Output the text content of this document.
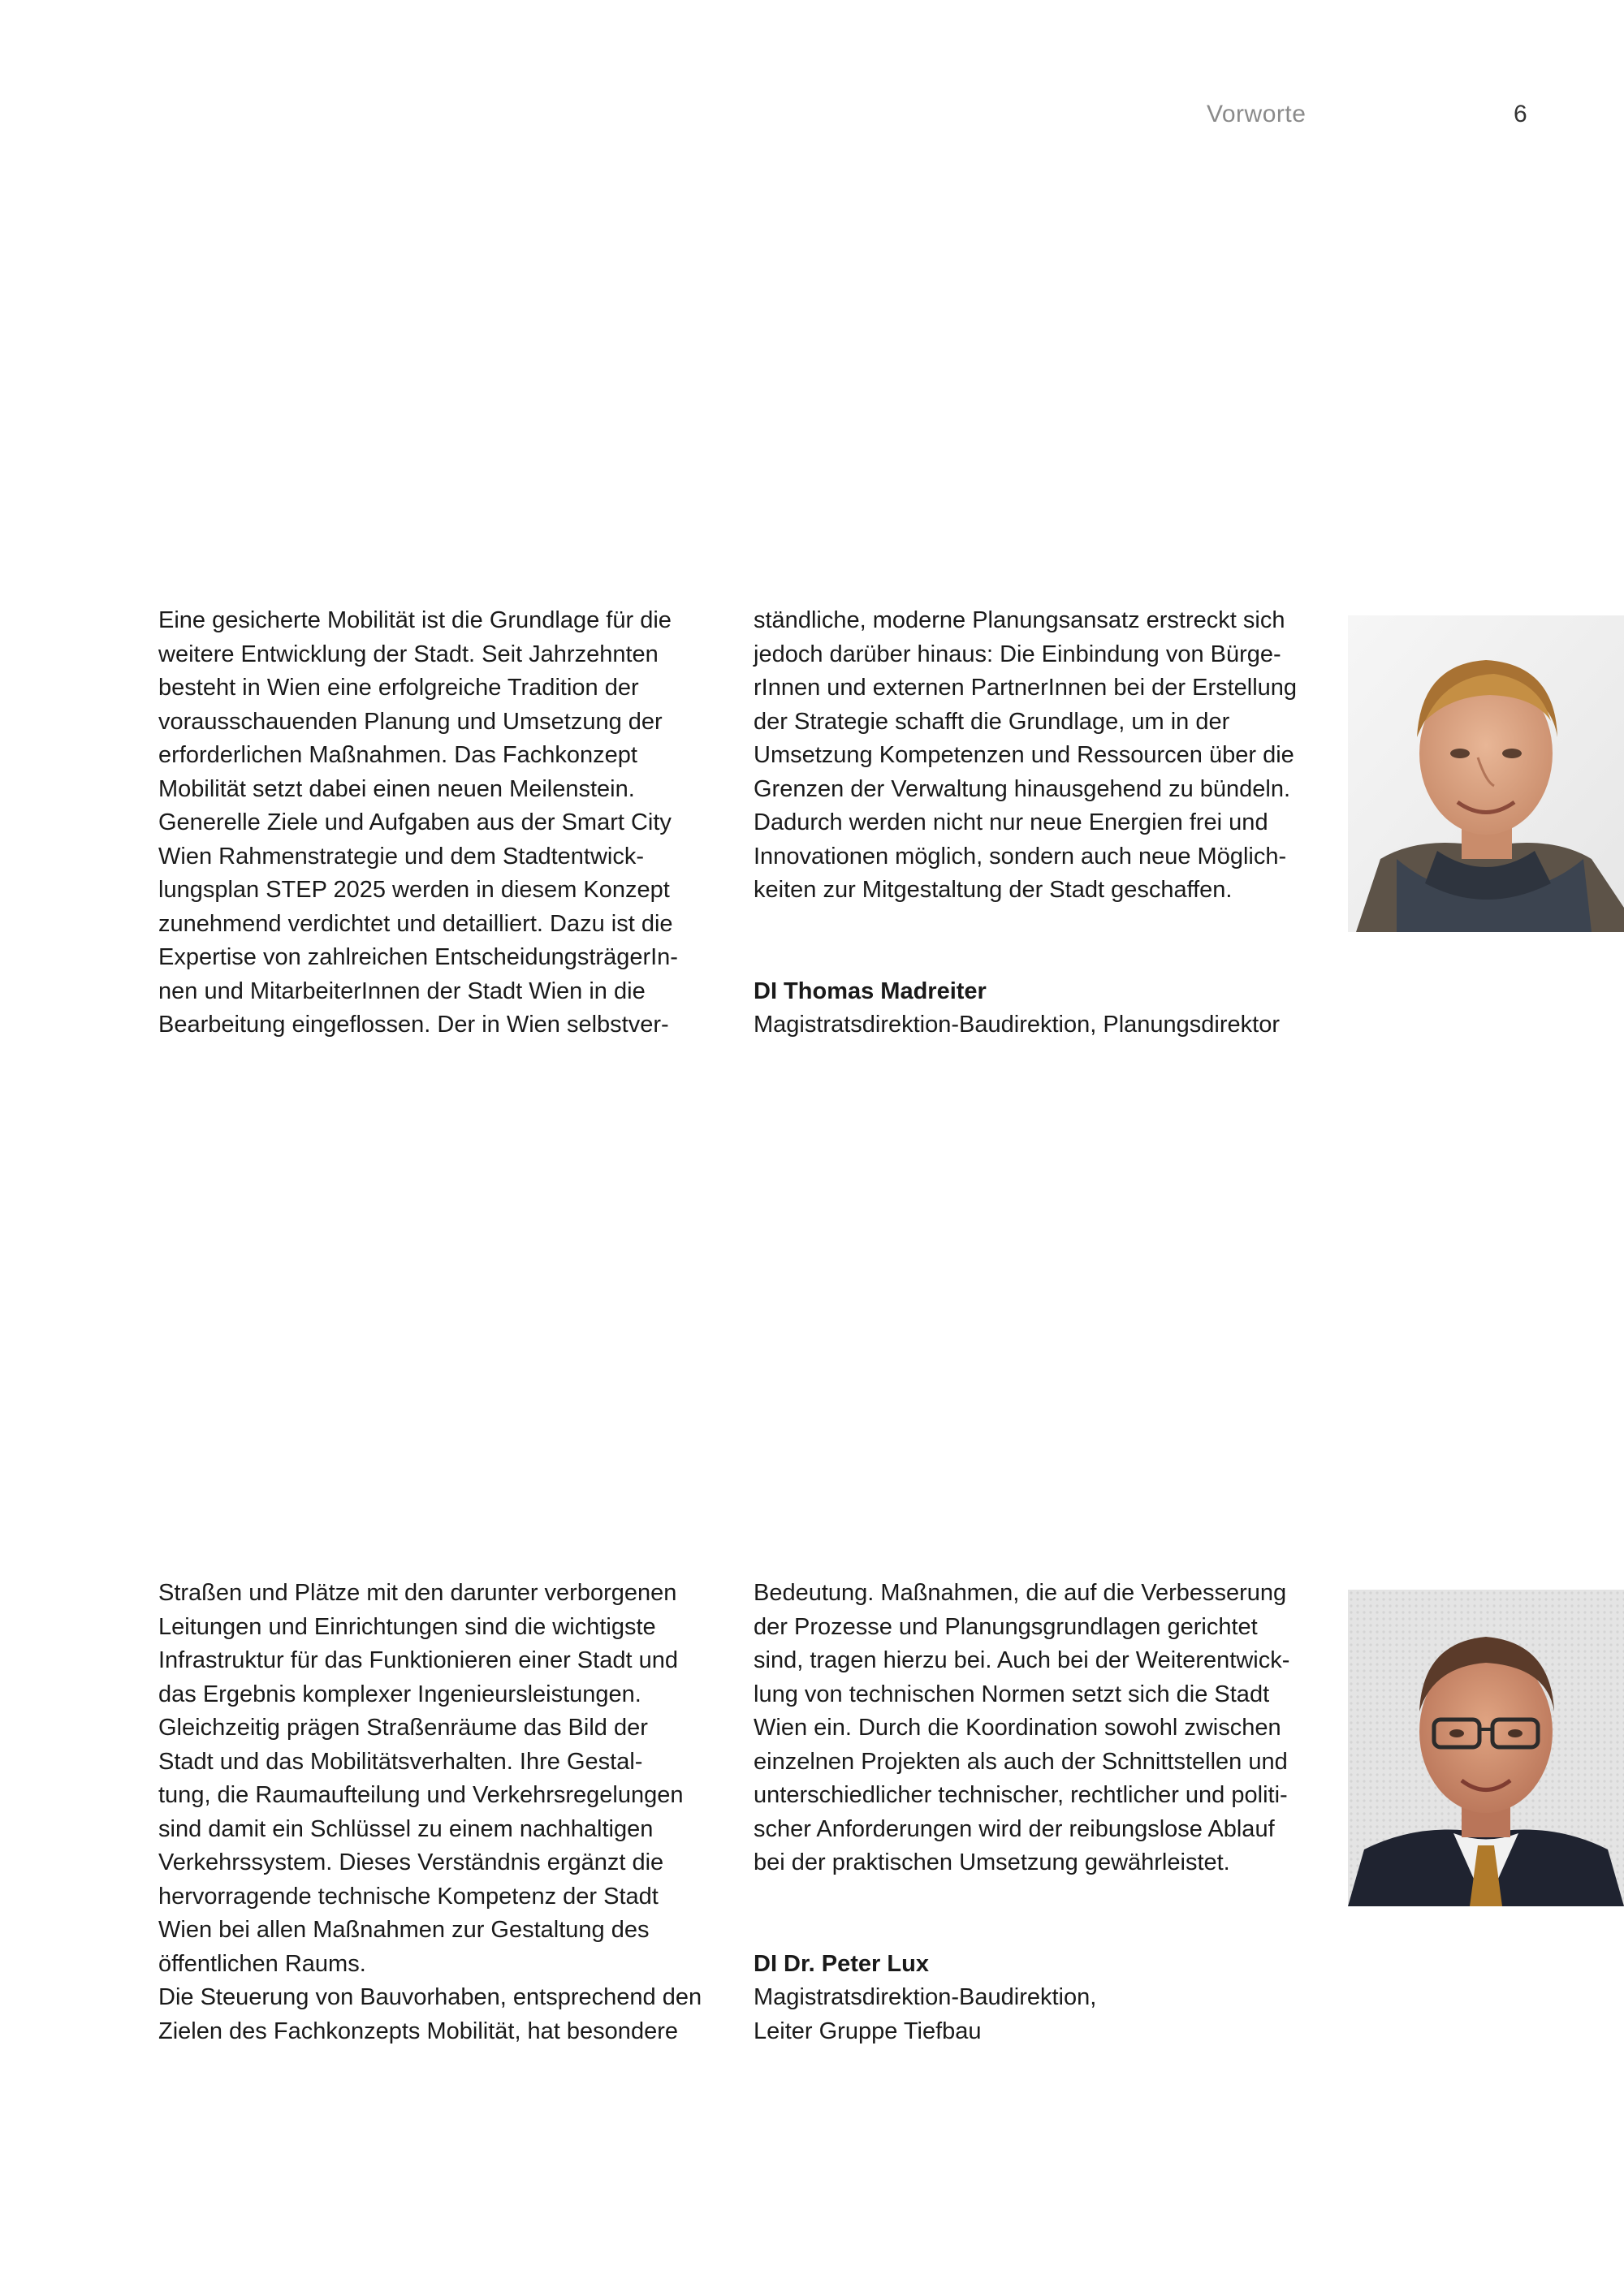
Vorworte	6

Eine gesicherte Mobilität ist die Grundlage für die
weitere Entwicklung der Stadt. Seit Jahrzehnten
besteht in Wien eine erfolgreiche Tradition der
vorausschauenden Planung und Umsetzung der
erforderlichen Maßnahmen. Das Fachkonzept
Mobilität setzt dabei einen neuen Meilenstein.
Generelle Ziele und Aufgaben aus der Smart City
Wien Rahmenstrategie und dem Stadtentwick-
lungsplan STEP 2025 werden in diesem Konzept
zunehmend verdichtet und detailliert. Dazu ist die
Expertise von zahlreichen EntscheidungsträgerIn-
nen und MitarbeiterInnen der Stadt Wien in die
Bearbeitung eingeflossen. Der in Wien selbstver-

ständliche, moderne Planungsansatz erstreckt sich
jedoch darüber hinaus: Die Einbindung von Bürge-
rInnen und externen PartnerInnen bei der Erstellung
der Strategie schafft die Grundlage, um in der
Umsetzung Kompetenzen und Ressourcen über die
Grenzen der Verwaltung hinausgehend zu bündeln.
Dadurch werden nicht nur neue Energien frei und
Innovationen möglich, sondern auch neue Möglich-
keiten zur Mitgestaltung der Stadt geschaffen.

DI Thomas Madreiter
Magistratsdirektion-Baudirektion, Planungsdirektor

Straßen und Plätze mit den darunter verborgenen
Leitungen und Einrichtungen sind die wichtigste
Infrastruktur für das Funktionieren einer Stadt und
das Ergebnis komplexer Ingenieursleistungen.
Gleichzeitig prägen Straßenräume das Bild der
Stadt und das Mobilitätsverhalten. Ihre Gestal-
tung, die Raumaufteilung und Verkehrsregelungen
sind damit ein Schlüssel zu einem nachhaltigen
Verkehrssystem. Dieses Verständnis ergänzt die
hervorragende technische Kompetenz der Stadt
Wien bei allen Maßnahmen zur Gestaltung des
öffentlichen Raums.
Die Steuerung von Bauvorhaben, entsprechend den
Zielen des Fachkonzepts Mobilität, hat besondere

Bedeutung. Maßnahmen, die auf die Verbesserung
der Prozesse und Planungsgrundlagen gerichtet
sind, tragen hierzu bei. Auch bei der Weiterentwick-
lung von technischen Normen setzt sich die Stadt
Wien ein. Durch die Koordination sowohl zwischen
einzelnen Projekten als auch der Schnittstellen und
unterschiedlicher technischer, rechtlicher und politi-
scher Anforderungen wird der reibungslose Ablauf
bei der praktischen Umsetzung gewährleistet.

DI Dr. Peter Lux
Magistratsdirektion-Baudirektion,
Leiter Gruppe Tiefbau
